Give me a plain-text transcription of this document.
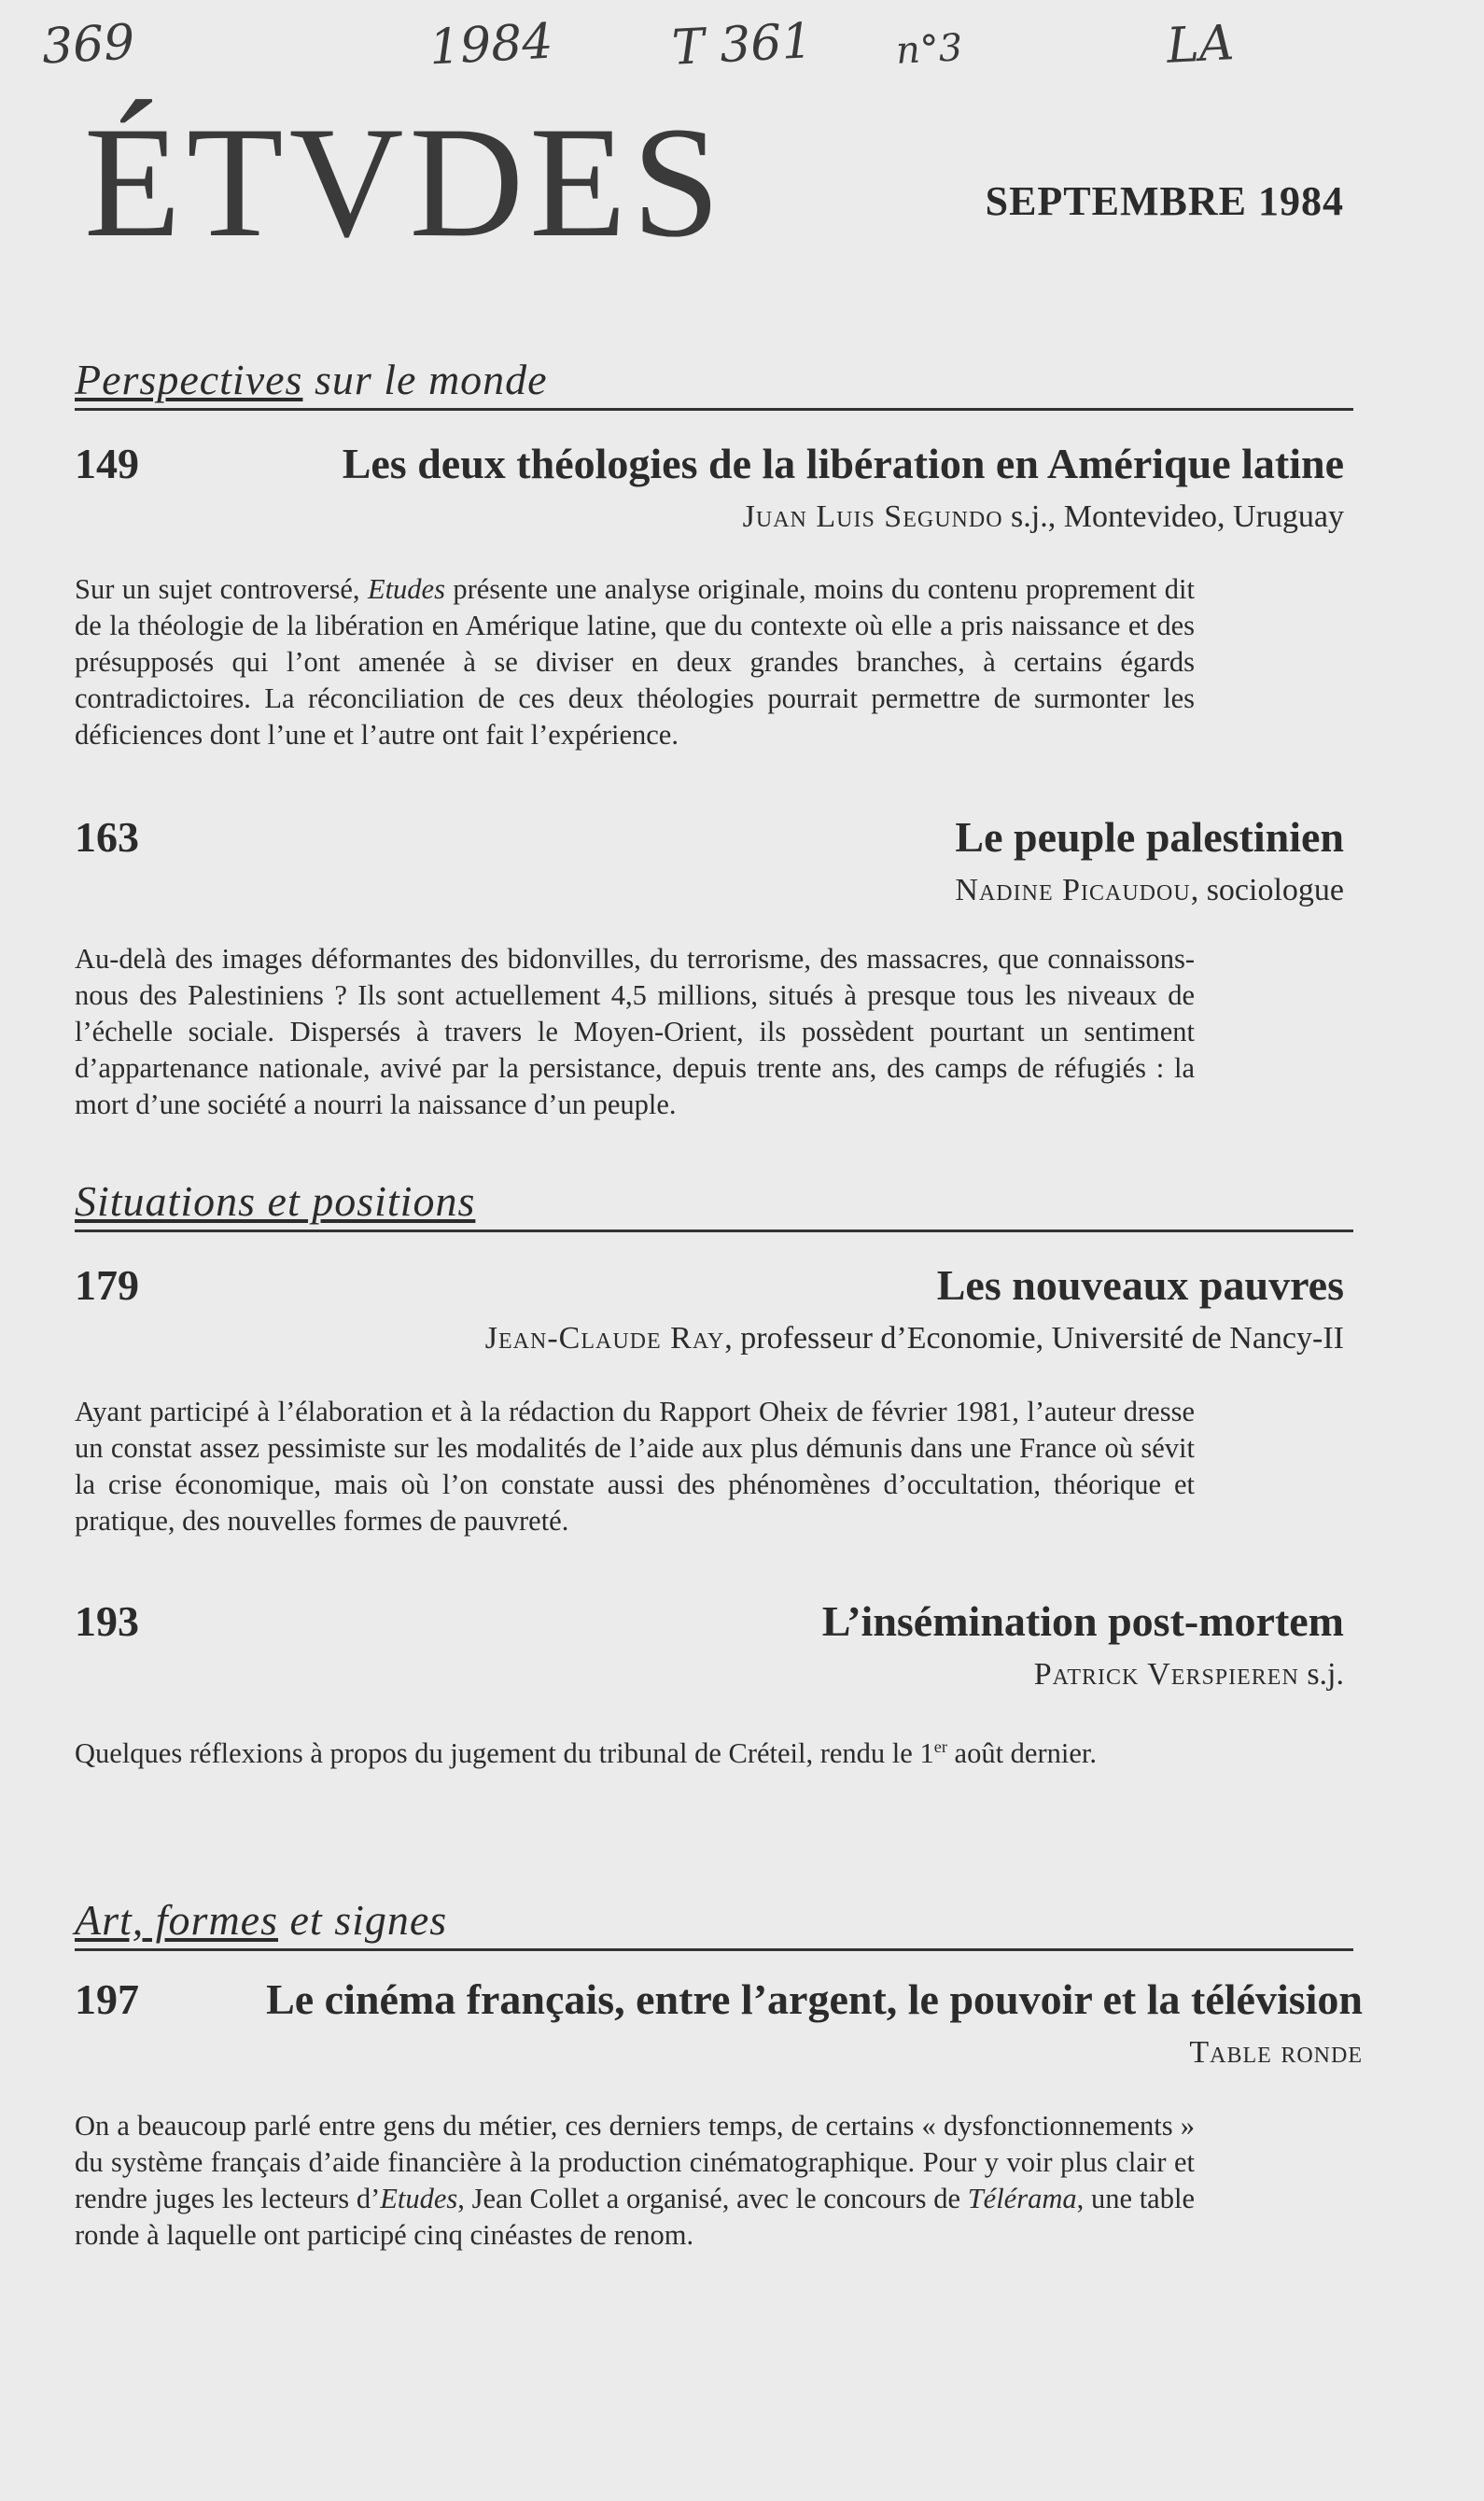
369	1984 T 361 n°3	LA
ÉTVDES	SEPTEMBRE 1984
Perspectives sur le monde
149	Les deux théologies de la libération en Amérique latine
Juan Luis Segundo s.j., Montevideo, Uruguay
Sur un sujet controversé, Etudes présente une analyse originale, moins du contenu proprement dit de la théologie de la libération en Amérique latine, que du contexte où elle a pris naissance et des présupposés qui l’ont amenée à se diviser en deux grandes branches, à certains égards contradictoires. La réconciliation de ces deux théologies pourrait permettre de surmonter les déficiences dont l’une et l’autre ont fait l’expérience.
163	Le peuple palestinien
Nadine Picaudou, sociologue
Au-delà des images déformantes des bidonvilles, du terrorisme, des massacres, que connaissons-nous des Palestiniens ? Ils sont actuellement 4,5 millions, situés à presque tous les niveaux de l’échelle sociale. Dispersés à travers le Moyen-Orient, ils possèdent pourtant un sentiment d’appartenance nationale, avivé par la persistance, depuis trente ans, des camps de réfugiés : la mort d’une société a nourri la naissance d’un peuple.
Situations et positions
179	Les nouveaux pauvres
Jean-Claude Ray, professeur d’Economie, Université de Nancy-II
Ayant participé à l’élaboration et à la rédaction du Rapport Oheix de février 1981, l’auteur dresse un constat assez pessimiste sur les modalités de l’aide aux plus démunis dans une France où sévit la crise économique, mais où l’on constate aussi des phénomènes d’occultation, théorique et pratique, des nouvelles formes de pauvreté.
193	L’insémination post-mortem
Patrick Verspieren s.j.
Quelques réflexions à propos du jugement du tribunal de Créteil, rendu le 1er août dernier.
Art, formes et signes
197	Le cinéma français, entre l’argent, le pouvoir et la télévision
Table ronde
On a beaucoup parlé entre gens du métier, ces derniers temps, de certains « dysfonctionnements » du système français d’aide financière à la production cinématographique. Pour y voir plus clair et rendre juges les lecteurs d’Etudes, Jean Collet a organisé, avec le concours de Télérama, une table ronde à laquelle ont participé cinq cinéastes de renom.
